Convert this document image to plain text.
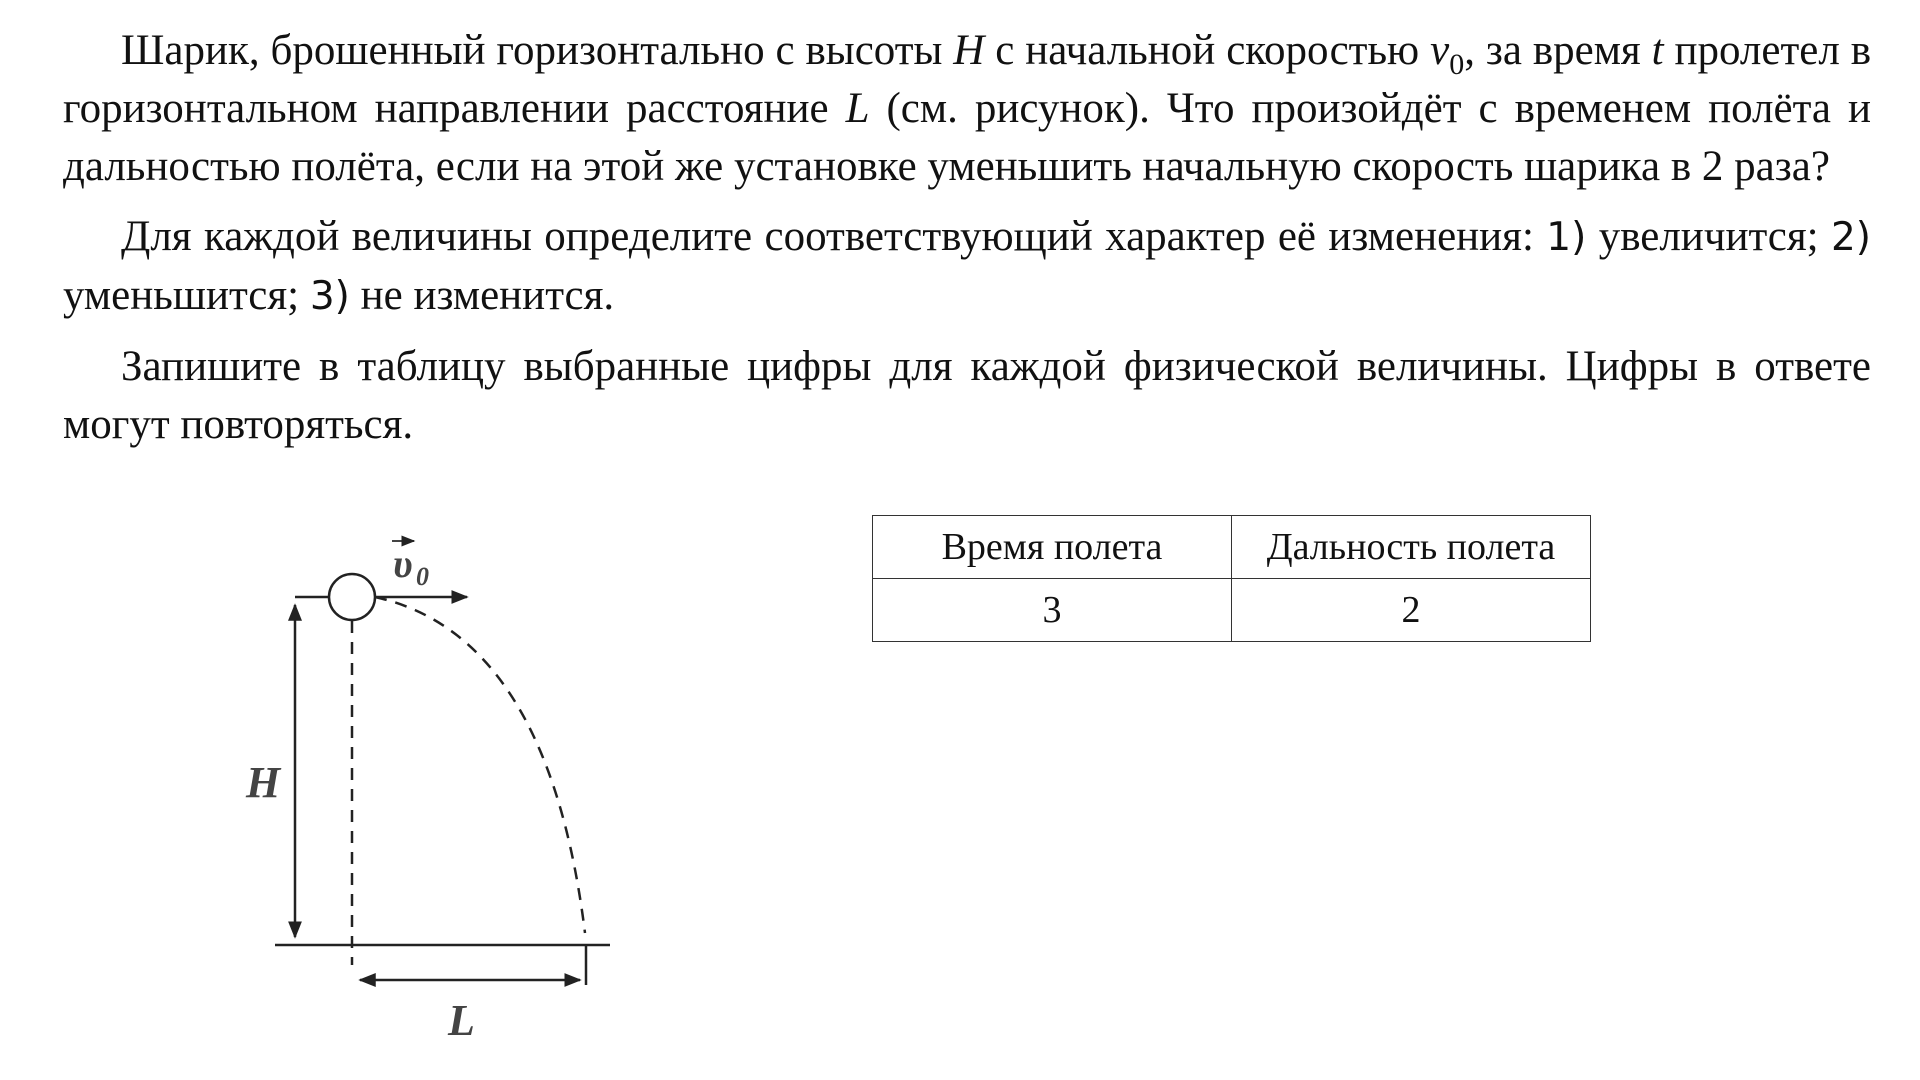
Шарик, брошенный горизонтально с высоты H с начальной скоростью $v_0$, за время t пролетел в горизонтальном направлении расстояние L (см. рисунок). Что произойдёт с временем полёта и дальностью полёта, если на этой же установке уменьшить начальную скорость шарика в 2 раза?

Для каждой величины определите соответствующий характер её изменения: 1) увеличится; 2) уменьшится; 3) не изменится.

Запишите в таблицу выбранные цифры для каждой физической величины. Цифры в ответе могут повторяться.

H
L
υ 0
Время полета	Дальность полета
3	2
